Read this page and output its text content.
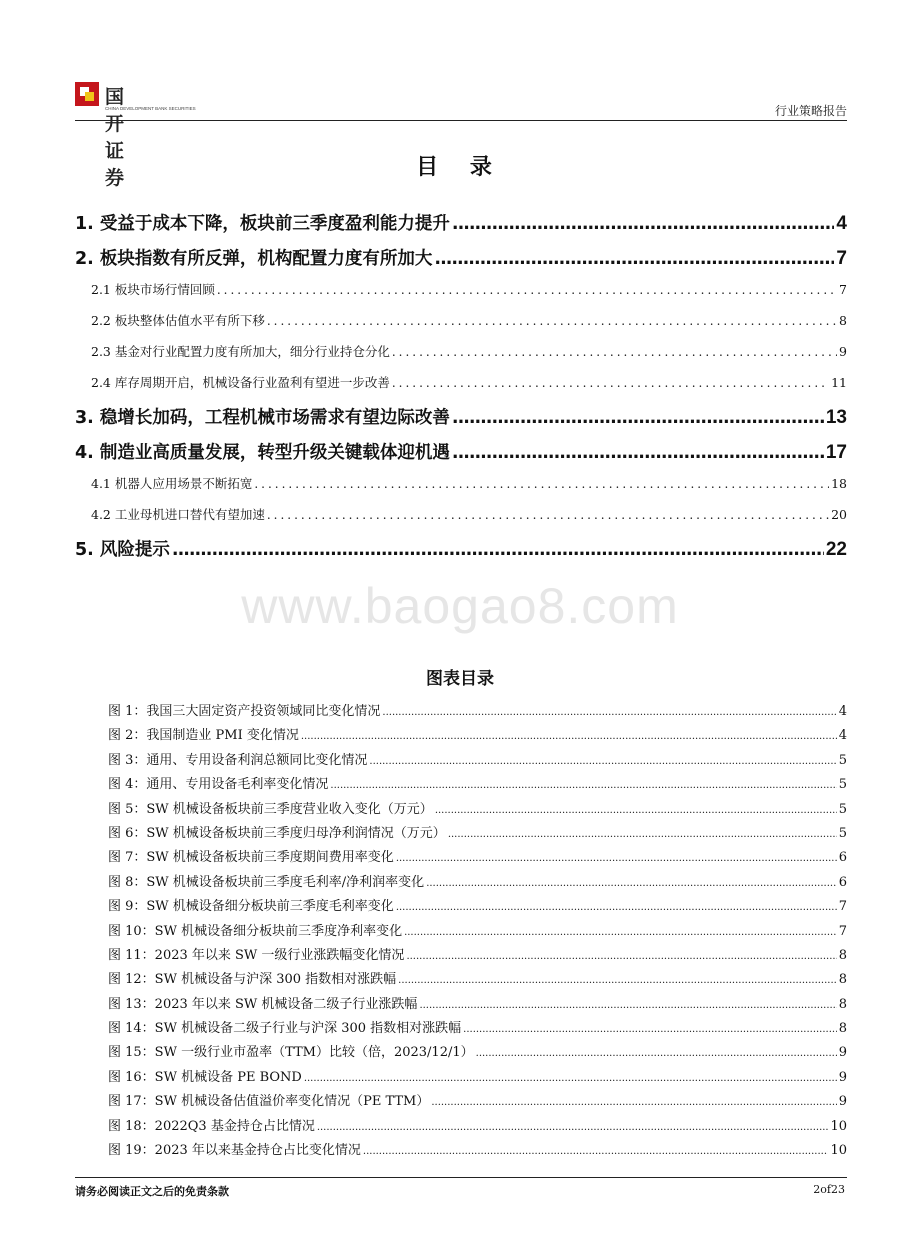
国开证券
CHINA DEVELOPMENT BANK SECURITIES	行业策略报告
目 录
1. 受益于成本下降，板块前三季度盈利能力提升 .....	4
2. 板块指数有所反弹，机构配置力度有所加大 .....	7
2.1 板块市场行情回顾 .....	7
2.2 板块整体估值水平有所下移 .....	8
2.3 基金对行业配置力度有所加大，细分行业持仓分化 .....	9
2.4 库存周期开启，机械设备行业盈利有望进一步改善 .....	11
3. 稳增长加码，工程机械市场需求有望边际改善 .....	13
4. 制造业高质量发展，转型升级关键载体迎机遇 .....	17
4.1 机器人应用场景不断拓宽 .....	18
4.2 工业母机进口替代有望加速 .....	20
5. 风险提示 .....	22
www.baogao8.com
图表目录
图 1：我国三大固定资产投资领域同比变化情况 .....	4
图 2：我国制造业 PMI 变化情况 .....	4
图 3：通用、专用设备利润总额同比变化情况 .....	5
图 4：通用、专用设备毛利率变化情况 .....	5
图 5：SW 机械设备板块前三季度营业收入变化（万元） .....	5
图 6：SW 机械设备板块前三季度归母净利润情况（万元） .....	5
图 7：SW 机械设备板块前三季度期间费用率变化 .....	6
图 8：SW 机械设备板块前三季度毛利率/净利润率变化 .....	6
图 9：SW 机械设备细分板块前三季度毛利率变化 .....	7
图 10：SW 机械设备细分板块前三季度净利率变化 .....	7
图 11：2023 年以来 SW 一级行业涨跌幅变化情况 .....	8
图 12：SW 机械设备与沪深 300 指数相对涨跌幅 .....	8
图 13：2023 年以来 SW 机械设备二级子行业涨跌幅 .....	8
图 14：SW 机械设备二级子行业与沪深 300 指数相对涨跌幅 .....	8
图 15：SW 一级行业市盈率（TTM）比较（倍，2023/12/1） .....	9
图 16：SW 机械设备 PE BOND .....	9
图 17：SW 机械设备估值溢价率变化情况（PE TTM） .....	9
图 18：2022Q3 基金持仓占比情况 .....	10
图 19：2023 年以来基金持仓占比变化情况 .....	10
请务必阅读正文之后的免责条款	2of23
